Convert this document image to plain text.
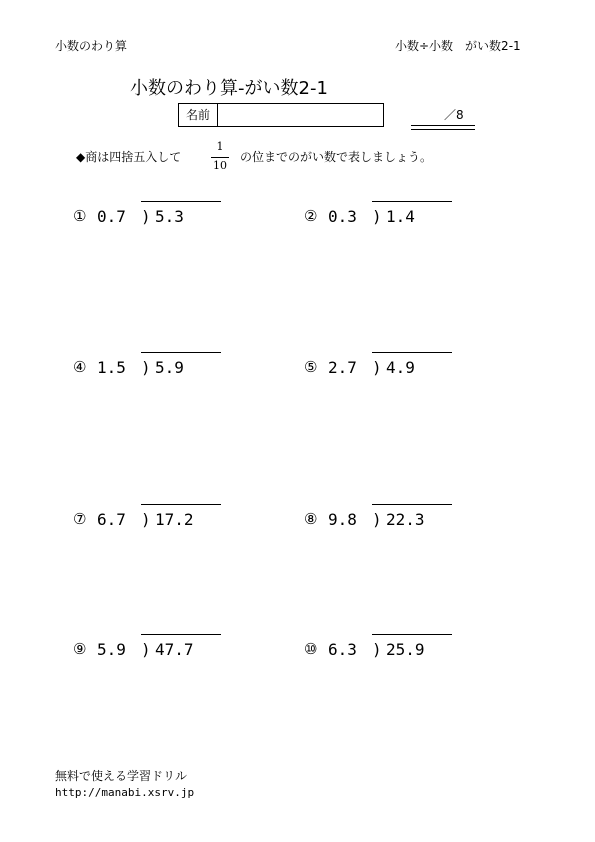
小数のわり算	小数÷小数　がい数2-1
小数のわり算-がい数2-1
名前	／8
◆商は四捨五入して
1
10
の位までのがい数で表しましょう。
① 0.7 ) 5.3	② 0.3 ) 1.4
④ 1.5 ) 5.9	⑤ 2.7 ) 4.9
⑦ 6.7 ) 17.2	⑧ 9.8 ) 22.3
⑨ 5.9 ) 47.7	⑩ 6.3 ) 25.9
無料で使える学習ドリル
http://manabi.xsrv.jp
